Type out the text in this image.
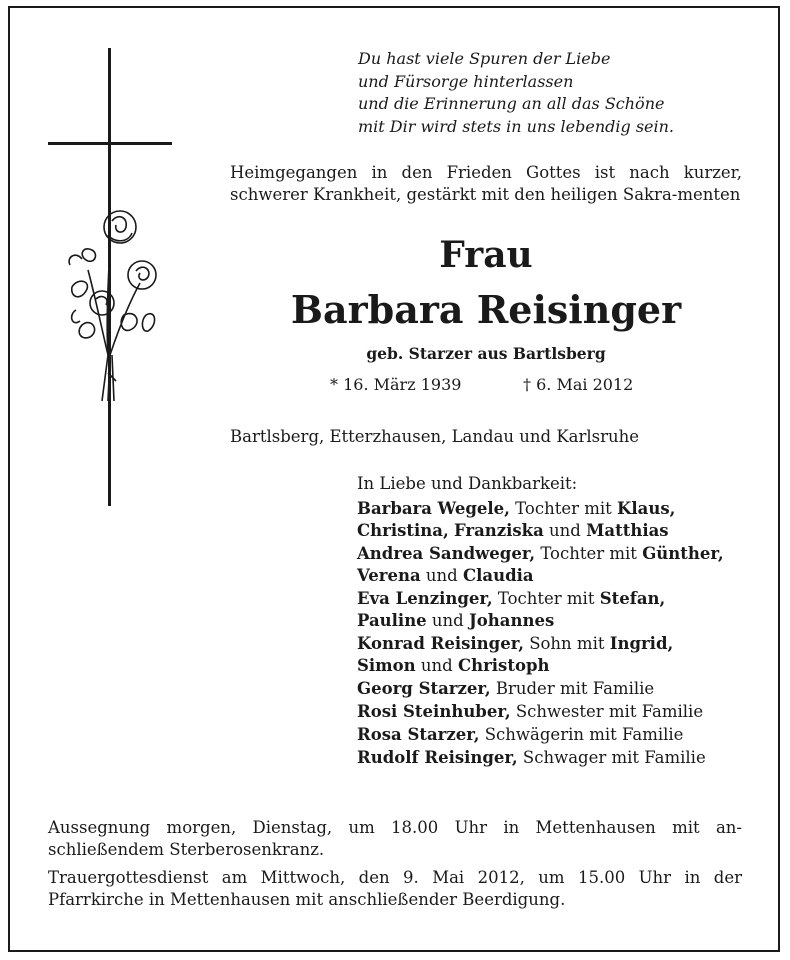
Du hast viele Spuren der Liebe
und Fürsorge hinterlassen
und die Erinnerung an all das Schöne
mit Dir wird stets in uns lebendig sein.
Heimgegangen in den Frieden Gottes ist nach kurzer, schwerer Krankheit, gestärkt mit den heiligen Sakra-menten
Frau
Barbara Reisinger
geb. Starzer aus Bartlsberg
* 16. März 1939	† 6. Mai 2012
Bartlsberg, Etterzhausen, Landau und Karlsruhe
In Liebe und Dankbarkeit:
Barbara Wegele, Tochter mit Klaus,
Christina, Franziska und Matthias
Andrea Sandweger, Tochter mit Günther,
Verena und Claudia
Eva Lenzinger, Tochter mit Stefan,
Pauline und Johannes
Konrad Reisinger, Sohn mit Ingrid,
Simon und Christoph
Georg Starzer, Bruder mit Familie
Rosi Steinhuber, Schwester mit Familie
Rosa Starzer, Schwägerin mit Familie
Rudolf Reisinger, Schwager mit Familie

Aussegnung morgen, Dienstag, um 18.00 Uhr in Mettenhausen mit an-schließendem Sterberosenkranz.

Trauergottesdienst am Mittwoch, den 9. Mai 2012, um 15.00 Uhr in der Pfarrkirche in Mettenhausen mit anschließender Beerdigung.
